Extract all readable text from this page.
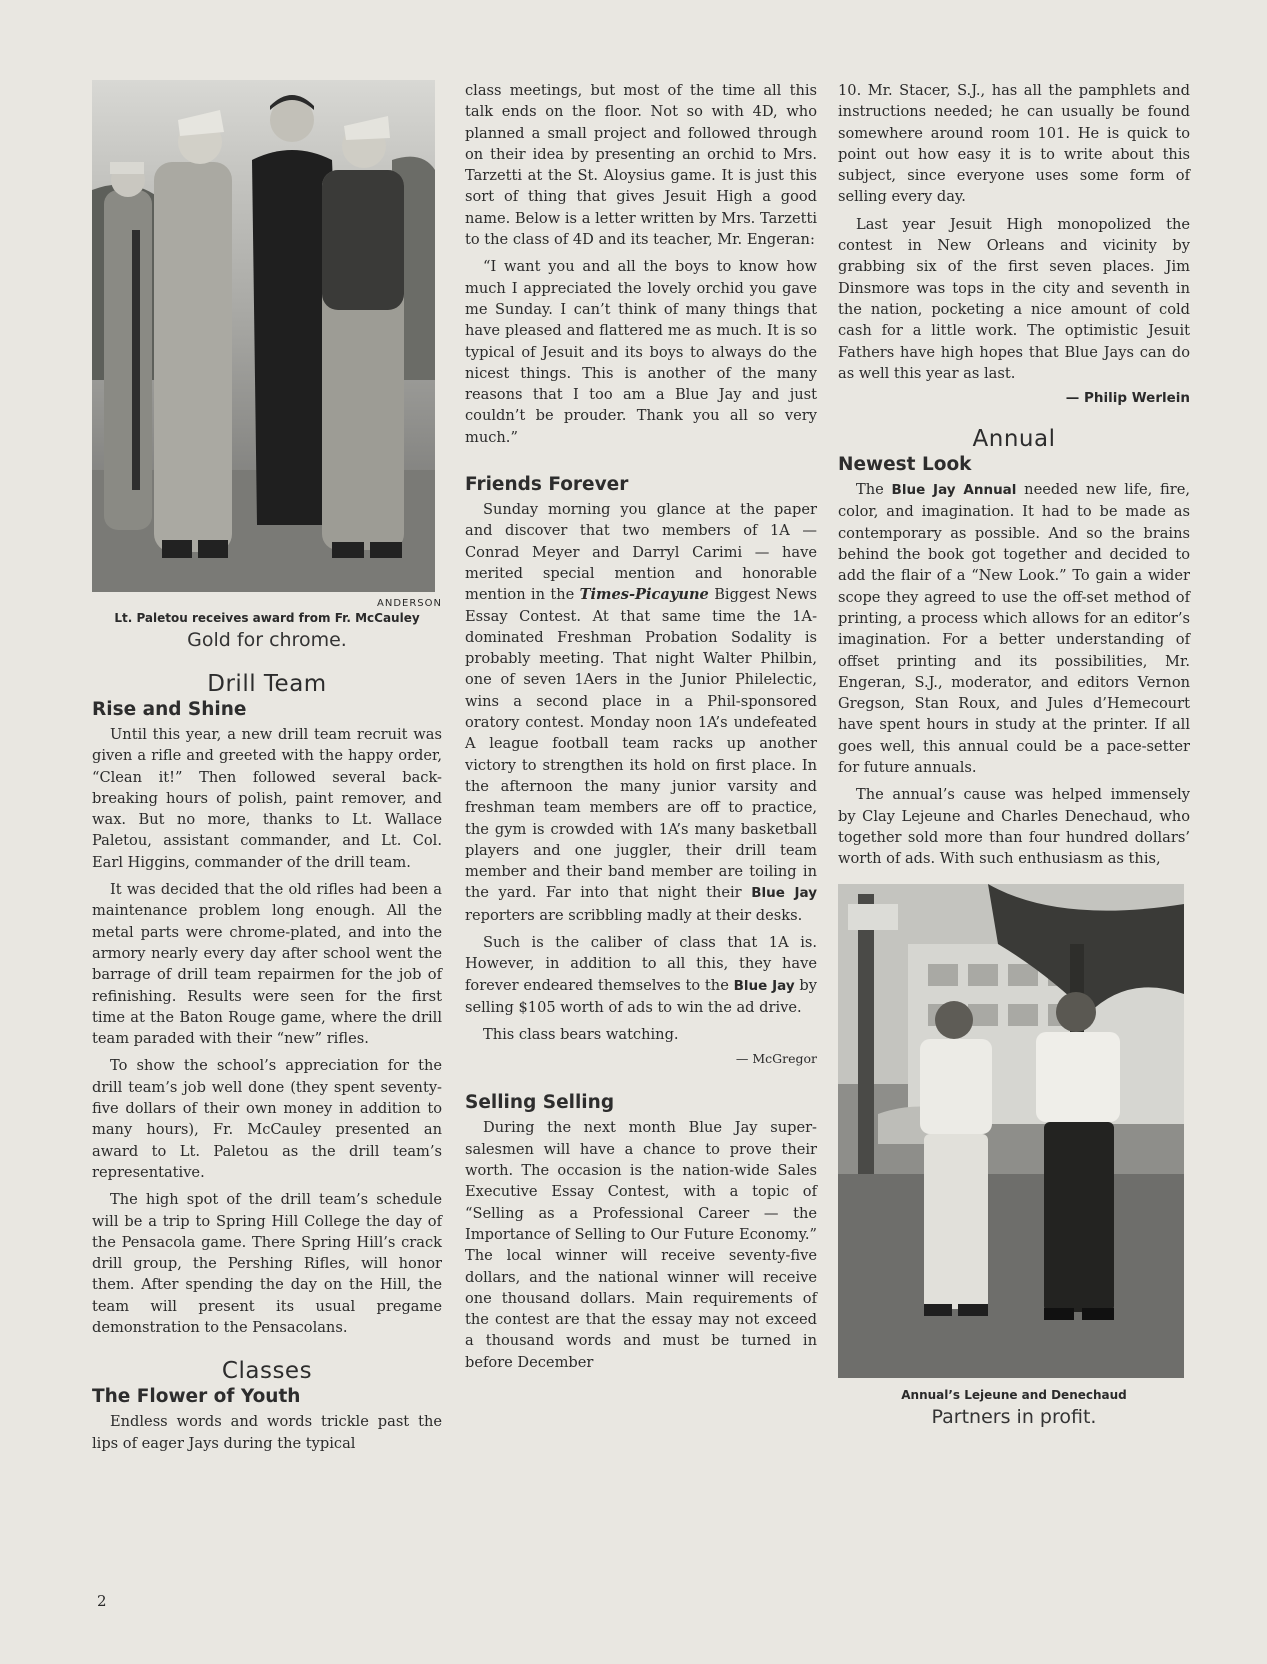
ANDERSON
Lt. Paletou receives award from Fr. McCauley
Gold for chrome.
Drill Team
Rise and Shine

Until this year, a new drill team recruit was given a rifle and greeted with the happy order, “Clean it!” Then followed several back-breaking hours of polish, paint remover, and wax. But no more, thanks to Lt. Wallace Paletou, assistant commander, and Lt. Col. Earl Higgins, commander of the drill team.

It was decided that the old rifles had been a maintenance problem long enough. All the metal parts were chrome-plated, and into the armory nearly every day after school went the barrage of drill team repairmen for the job of refinishing. Results were seen for the first time at the Baton Rouge game, where the drill team paraded with their “new” rifles.

To show the school’s appreciation for the drill team’s job well done (they spent seventy-five dollars of their own money in addition to many hours), Fr. McCauley presented an award to Lt. Paletou as the drill team’s representative.

The high spot of the drill team’s schedule will be a trip to Spring Hill College the day of the Pensacola game. There Spring Hill’s crack drill group, the Pershing Rifles, will honor them. After spending the day on the Hill, the team will present its usual pregame demonstration to the Pensacolans.

Classes
The Flower of Youth

Endless words and words trickle past the lips of eager Jays during the typical

class meetings, but most of the time all this talk ends on the floor. Not so with 4D, who planned a small project and followed through on their idea by presenting an orchid to Mrs. Tarzetti at the St. Aloysius game. It is just this sort of thing that gives Jesuit High a good name. Below is a letter written by Mrs. Tarzetti to the class of 4D and its teacher, Mr. Engeran:

“I want you and all the boys to know how much I appreciated the lovely orchid you gave me Sunday. I can’t think of many things that have pleased and flattered me as much. It is so typical of Jesuit and its boys to always do the nicest things. This is another of the many reasons that I too am a Blue Jay and just couldn’t be prouder. Thank you all so very much.”

Friends Forever

Sunday morning you glance at the paper and discover that two members of 1A — Conrad Meyer and Darryl Carimi — have merited special mention and honorable mention in the Times-Picayune Biggest News Essay Contest. At that same time the 1A-dominated Freshman Probation Sodality is probably meeting. That night Walter Philbin, one of seven 1Aers in the Junior Philelectic, wins a second place in a Phil-sponsored oratory contest. Monday noon 1A’s undefeated A league football team racks up another victory to strengthen its hold on first place. In the afternoon the many junior varsity and freshman team members are off to practice, the gym is crowded with 1A’s many basketball players and one juggler, their drill team member and their band member are toiling in the yard. Far into that night their Blue Jay reporters are scribbling madly at their desks.

Such is the caliber of class that 1A is. However, in addition to all this, they have forever endeared themselves to the Blue Jay by selling $105 worth of ads to win the ad drive.

This class bears watching.

— McGregor
Selling Selling

During the next month Blue Jay super-salesmen will have a chance to prove their worth. The occasion is the nation-wide Sales Executive Essay Contest, with a topic of “Selling as a Professional Career — the Importance of Selling to Our Future Economy.” The local winner will receive seventy-five dollars, and the national winner will receive one thousand dollars. Main requirements of the contest are that the essay may not exceed a thousand words and must be turned in before December

10. Mr. Stacer, S.J., has all the pamphlets and instructions needed; he can usually be found somewhere around room 101. He is quick to point out how easy it is to write about this subject, since everyone uses some form of selling every day.

Last year Jesuit High monopolized the contest in New Orleans and vicinity by grabbing six of the first seven places. Jim Dinsmore was tops in the city and seventh in the nation, pocketing a nice amount of cold cash for a little work. The optimistic Jesuit Fathers have high hopes that Blue Jays can do as well this year as last.

— Philip Werlein
Annual
Newest Look

The Blue Jay Annual needed new life, fire, color, and imagination. It had to be made as contemporary as possible. And so the brains behind the book got together and decided to add the flair of a “New Look.” To gain a wider scope they agreed to use the off-set method of printing, a process which allows for an editor’s imagination. For a better understanding of offset printing and its possibilities, Mr. Engeran, S.J., moderator, and editors Vernon Gregson, Stan Roux, and Jules d’Hemecourt have spent hours in study at the printer. If all goes well, this annual could be a pace-setter for future annuals.

The annual’s cause was helped immensely by Clay Lejeune and Charles Denechaud, who together sold more than four hundred dollars’ worth of ads. With such enthusiasm as this,

Annual’s Lejeune and Denechaud
Partners in profit.
2
